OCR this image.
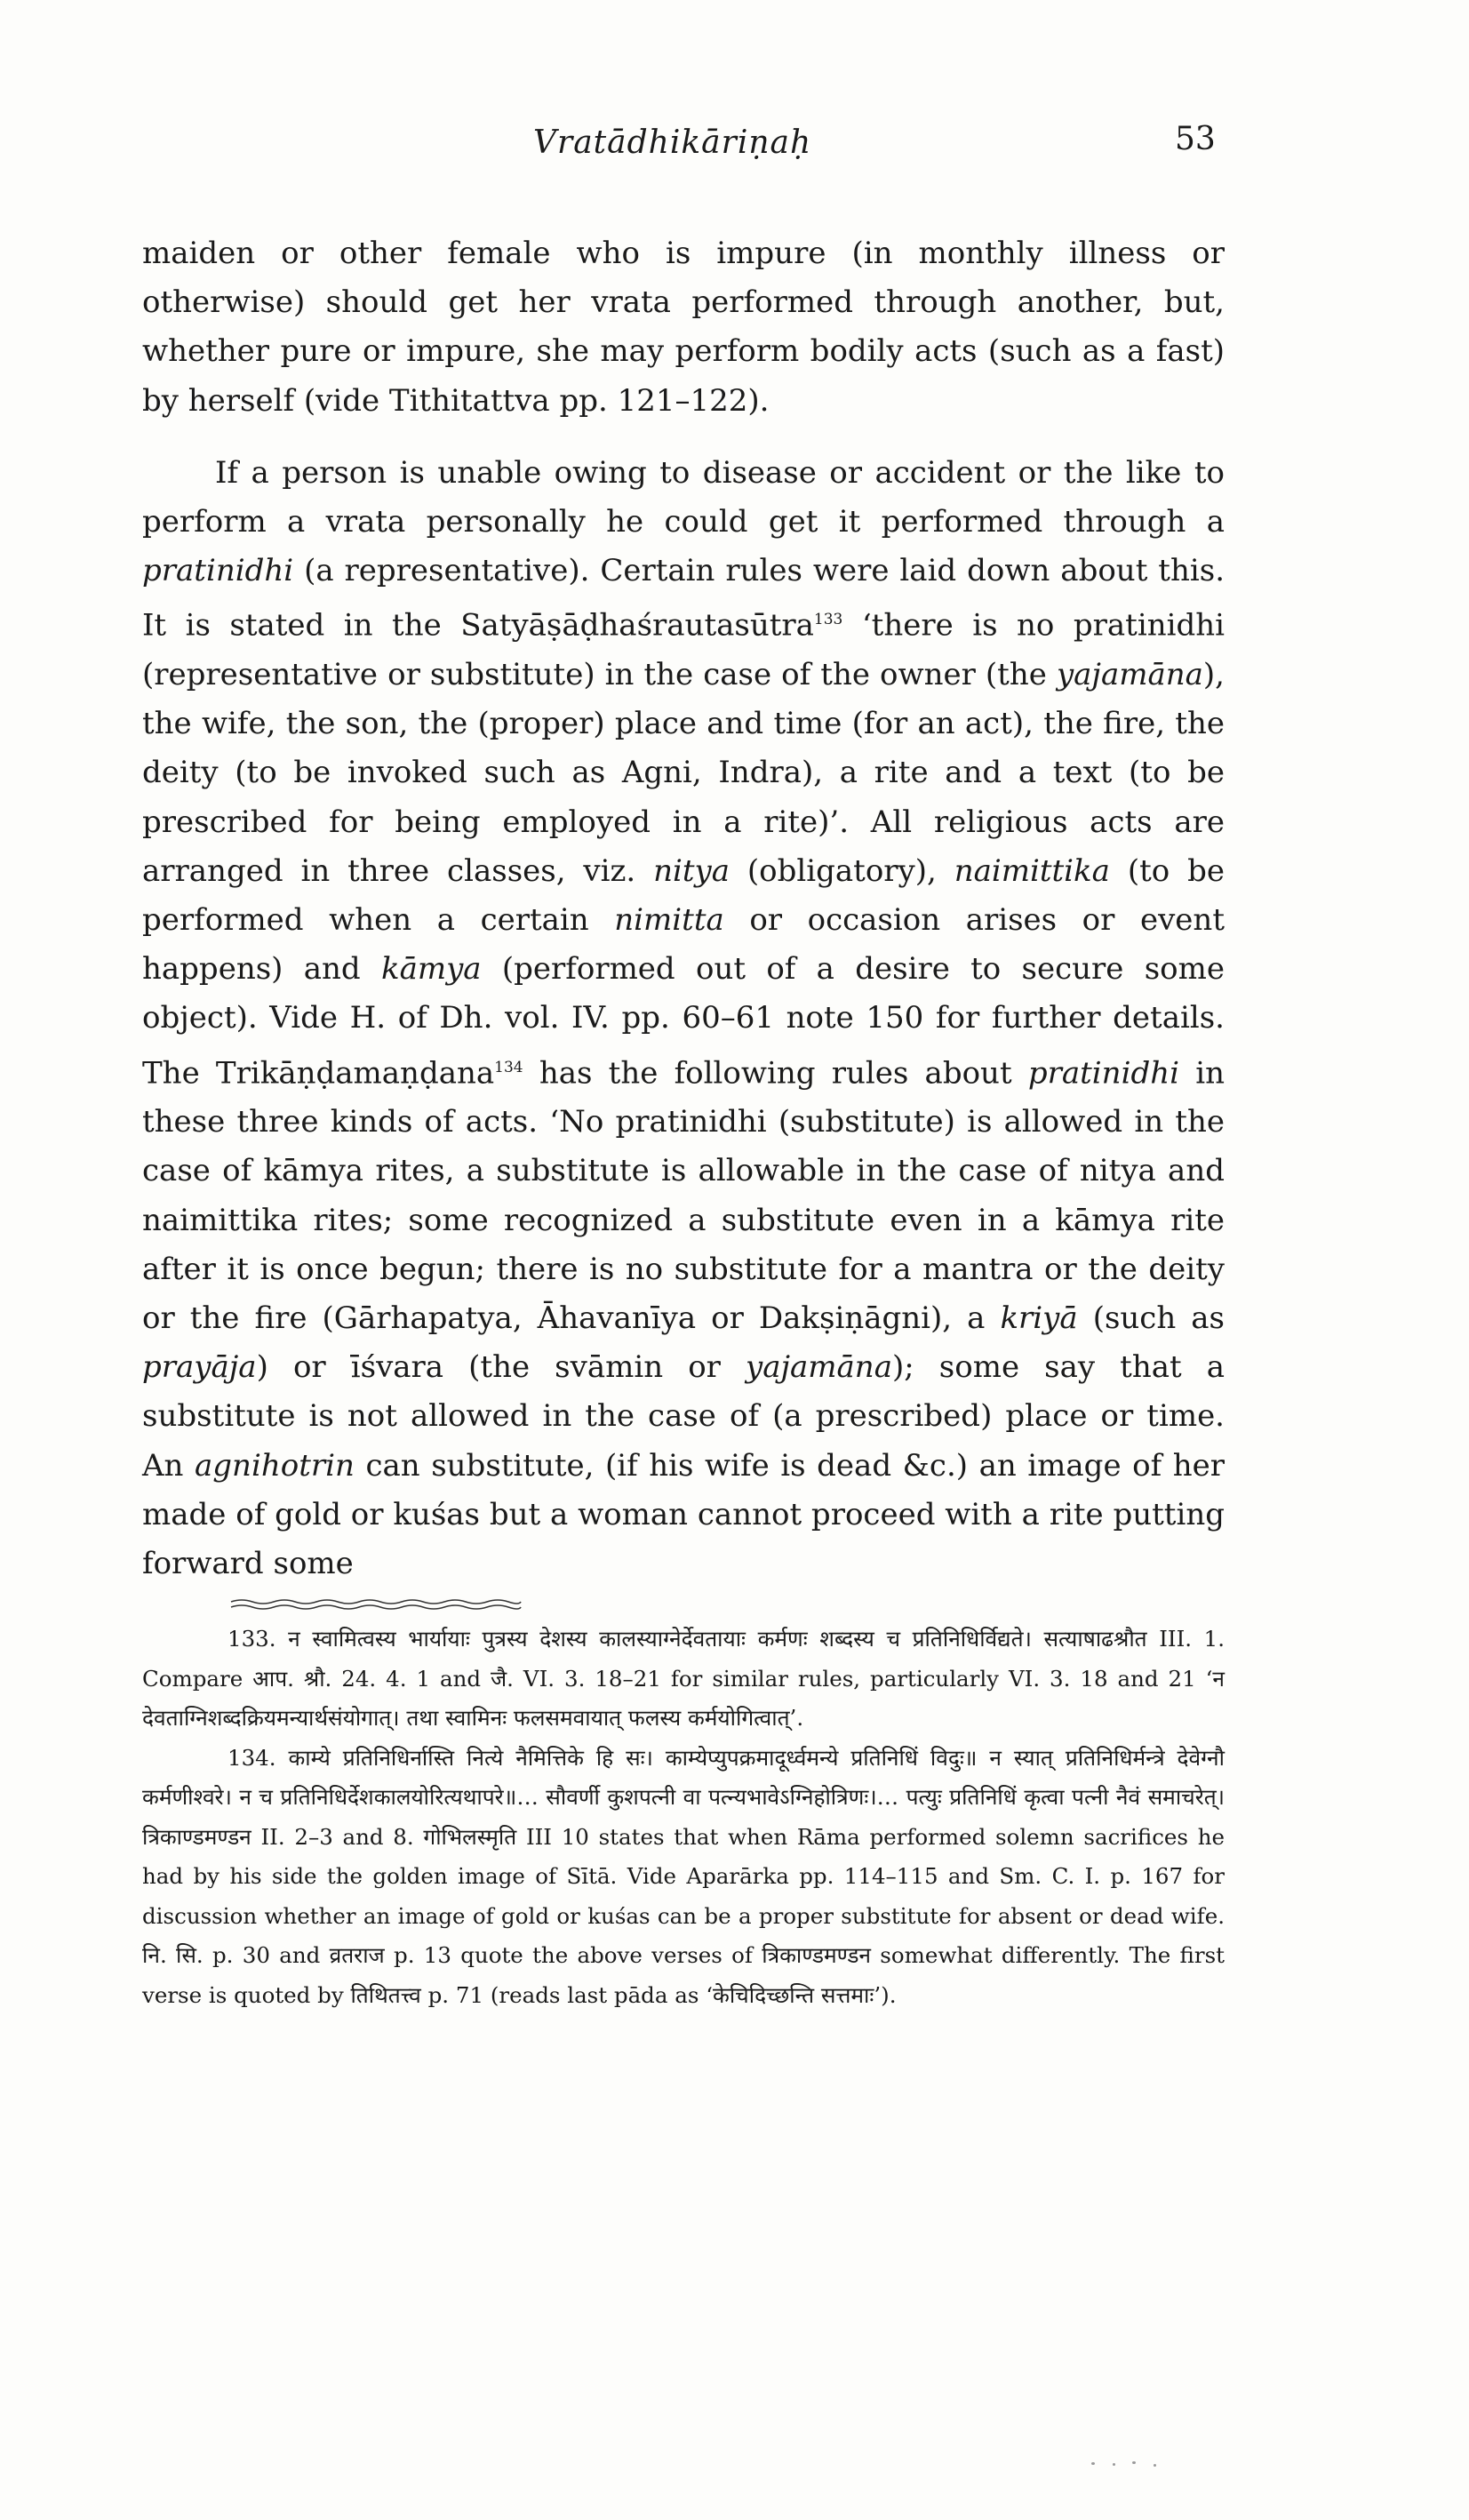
Vratādhikāriṇaḥ	53

maiden or other female who is impure (in monthly illness or otherwise) should get her vrata performed through another, but, whether pure or impure, she may perform bodily acts (such as a fast) by herself (vide Tithitattva pp. 121–122).

If a person is unable owing to disease or accident or the like to perform a vrata personally he could get it performed through a pratinidhi (a representative). Certain rules were laid down about this. It is stated in the Satyāṣāḍhaśrautasūtra$^{133}$ ‘there is no pratinidhi (representative or substitute) in the case of the owner (the yajamāna), the wife, the son, the (proper) place and time (for an act), the fire, the deity (to be invoked such as Agni, Indra), a rite and a text (to be prescribed for being employed in a rite)’. All religious acts are arranged in three classes, viz. nitya (obligatory), naimittika (to be performed when a certain nimitta or occasion arises or event happens) and kāmya (performed out of a desire to secure some object). Vide H. of Dh. vol. IV. pp. 60–61 note 150 for further details. The Trikāṇḍamaṇḍana$^{134}$ has the following rules about pratinidhi in these three kinds of acts. ‘No pratinidhi (substitute) is allowed in the case of kāmya rites, a substitute is allowable in the case of nitya and naimittika rites; some recognized a substitute even in a kāmya rite after it is once begun; there is no substitute for a mantra or the deity or the fire (Gārhapatya, Āhavanīya or Dakṣiṇāgni), a kriyā (such as prayāja) or īśvara (the svāmin or yajamāna); some say that a substitute is not allowed in the case of (a prescribed) place or time. An agnihotrin can substitute, (if his wife is dead &c.) an image of her made of gold or kuśas but a woman cannot proceed with a rite putting forward some

133. न स्वामित्वस्य भार्यायाः पुत्रस्य देशस्य कालस्याग्नेर्देवतायाः कर्मणः शब्दस्य च प्रतिनिधिर्विद्यते। सत्याषाढश्रौत III. 1. Compare आप. श्रौ. 24. 4. 1 and जै. VI. 3. 18–21 for similar rules, particularly VI. 3. 18 and 21 ‘न देवताग्निशब्दक्रियमन्यार्थसंयोगात्। तथा स्वामिनः फलसमवायात् फलस्य कर्मयोगित्वात्’.

134. काम्ये प्रतिनिधिर्नास्ति नित्ये नैमित्तिके हि सः। काम्येप्युपक्रमादूर्ध्वमन्ये प्रतिनिधिं विदुः॥ न स्यात् प्रतिनिधिर्मन्त्रे देवेग्नौ कर्मणीश्वरे। न च प्रतिनिधिर्देशकालयोरित्यथापरे॥… सौवर्णी कुशपत्नी वा पत्न्यभावेऽग्निहोत्रिणः।… पत्युः प्रतिनिधिं कृत्वा पत्नी नैवं समाचरेत्। त्रिकाण्डमण्डन II. 2–3 and 8. गोभिलस्मृति III 10 states that when Rāma performed solemn sacrifices he had by his side the golden image of Sītā. Vide Aparārka pp. 114–115 and Sm. C. I. p. 167 for discussion whether an image of gold or kuśas can be a proper substitute for absent or dead wife. नि. सि. p. 30 and व्रतराज p. 13 quote the above verses of त्रिकाण्डमण्डन somewhat differently. The first verse is quoted by तिथितत्त्व p. 71 (reads last pāda as ‘केचिदिच्छन्ति सत्तमाः’).
